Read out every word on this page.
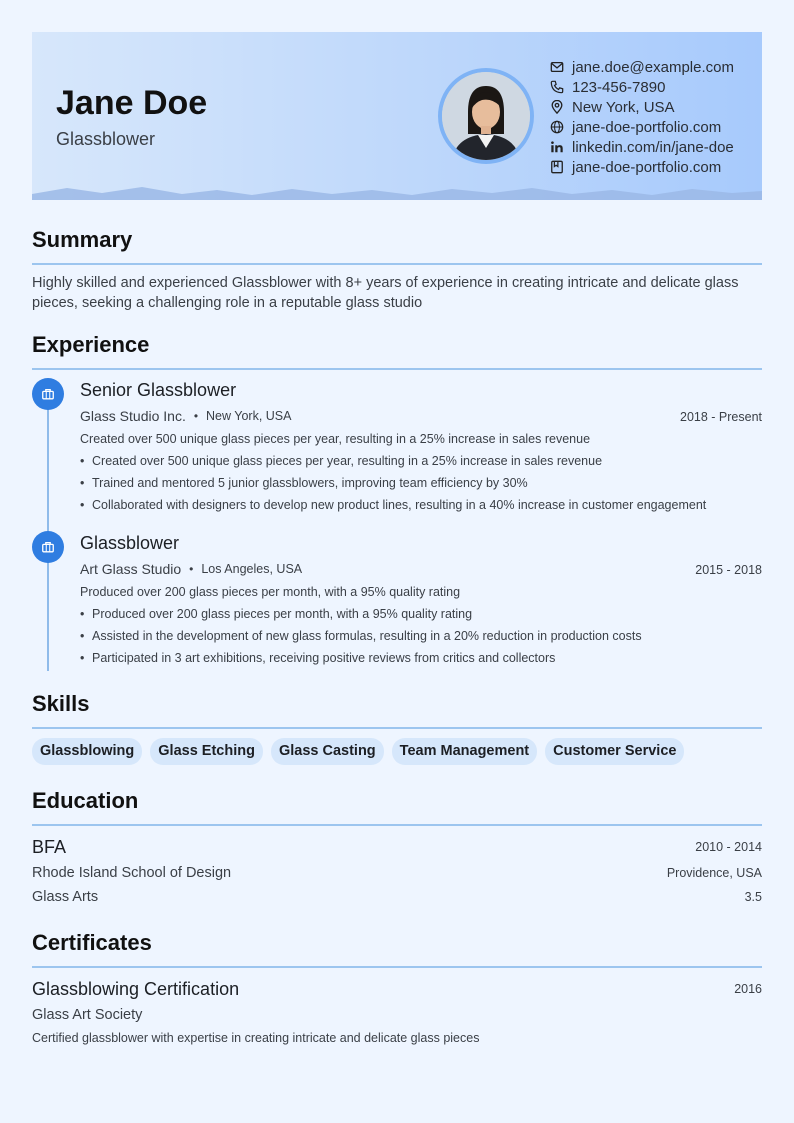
Jane Doe
Glassblower
jane.doe@example.com
123-456-7890
New York, USA
jane-doe-portfolio.com
linkedin.com/in/jane-doe
jane-doe-portfolio.com
Summary
Highly skilled and experienced Glassblower with 8+ years of experience in creating intricate and delicate glass pieces, seeking a challenging role in a reputable glass studio
Experience
Senior Glassblower
Glass Studio Inc. • New York, USA	2018 - Present
Created over 500 unique glass pieces per year, resulting in a 25% increase in sales revenue
• Created over 500 unique glass pieces per year, resulting in a 25% increase in sales revenue
• Trained and mentored 5 junior glassblowers, improving team efficiency by 30%
• Collaborated with designers to develop new product lines, resulting in a 40% increase in customer engagement
Glassblower
Art Glass Studio • Los Angeles, USA	2015 - 2018
Produced over 200 glass pieces per month, with a 95% quality rating
• Produced over 200 glass pieces per month, with a 95% quality rating
• Assisted in the development of new glass formulas, resulting in a 20% reduction in production costs
• Participated in 3 art exhibitions, receiving positive reviews from critics and collectors
Skills
Glassblowing	Glass Etching	Glass Casting	Team Management	Customer Service
Education
BFA	2010 - 2014
Rhode Island School of Design	Providence, USA
Glass Arts	3.5
Certificates
Glassblowing Certification	2016
Glass Art Society
Certified glassblower with expertise in creating intricate and delicate glass pieces
